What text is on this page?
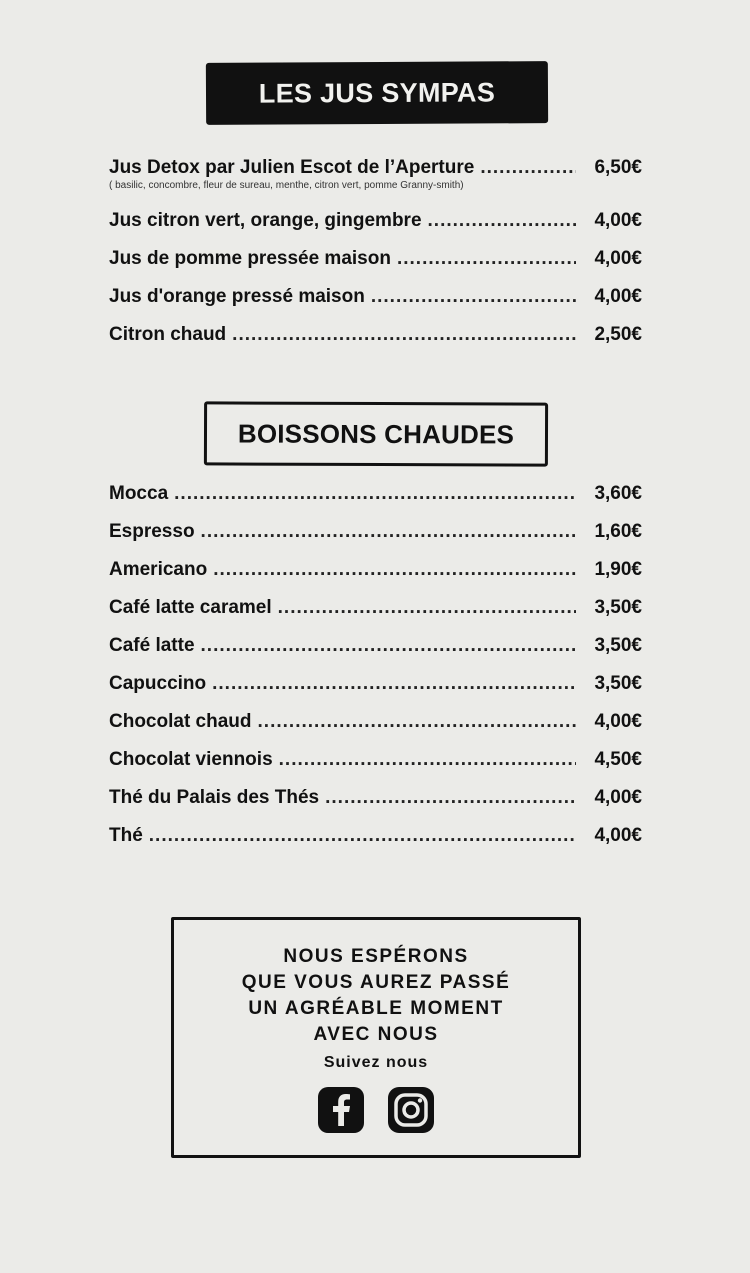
LES JUS SYMPAS
Jus Detox par Julien Escot de l’Aperture .....	6,50€
( basilic, concombre, fleur de sureau, menthe, citron vert, pomme Granny-smith)
Jus citron vert, orange, gingembre .....	4,00€
Jus de pomme pressée maison .....	4,00€
Jus d'orange pressé maison .....	4,00€
Citron chaud .....	2,50€
BOISSONS CHAUDES
Mocca .....	3,60€
Espresso .....	1,60€
Americano .....	1,90€
Café latte caramel .....	3,50€
Café latte .....	3,50€
Capuccino .....	3,50€
Chocolat chaud .....	4,00€
Chocolat viennois .....	4,50€
Thé du Palais des Thés .....	4,00€
Thé .....	4,00€
NOUS ESPÉRONS
QUE VOUS AUREZ PASSÉ
UN AGRÉABLE MOMENT
AVEC NOUS
Suivez nous
